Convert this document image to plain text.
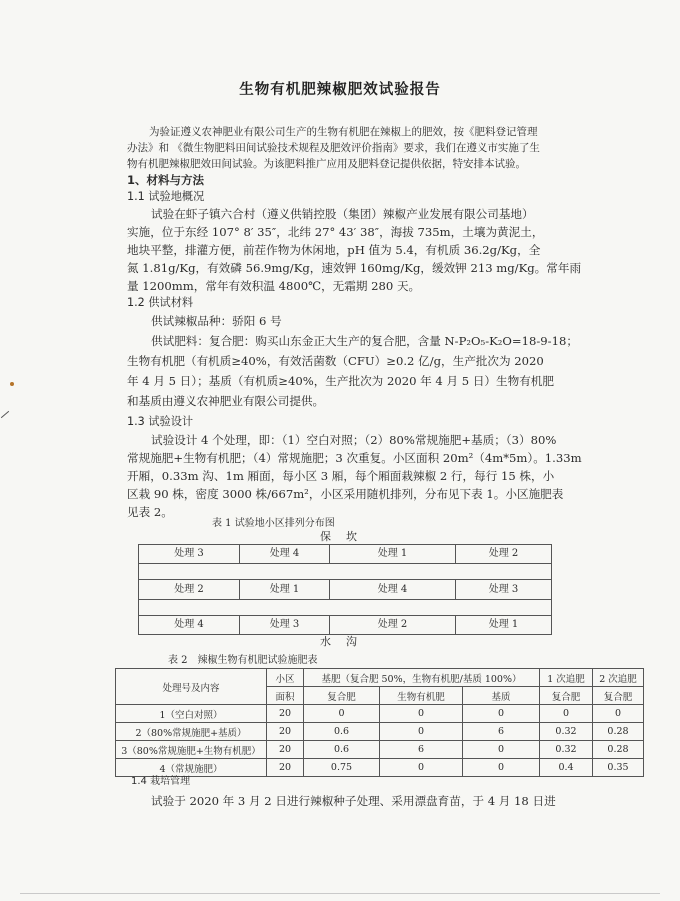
生物有机肥辣椒肥效试验报告
为验证遵义农神肥业有限公司生产的生物有机肥在辣椒上的肥效，按《肥料登记管理
办法》和 《微生物肥料田间试验技术规程及肥效评价指南》要求，我们在遵义市实施了生
物有机肥辣椒肥效田间试验。为该肥料推广应用及肥料登记提供依据，特安排本试验。
1、材料与方法
1.1 试验地概况
试验在虾子镇六合村（遵义供销控股（集团）辣椒产业发展有限公司基地）
实施，位于东经 107° 8′ 35″，北纬 27° 43′ 38″，海拔 735m，土壤为黄泥土，
地块平整，排灌方便，前茬作物为休闲地，pH 值为 5.4，有机质 36.2g/Kg，全
氮 1.81g/Kg，有效磷 56.9mg/Kg，速效钾 160mg/Kg，缓效钾 213 mg/Kg。常年雨
量 1200mm，常年有效积温 4800℃，无霜期 280 天。
1.2 供试材料
供试辣椒品种：骄阳 6 号
供试肥料：复合肥：购买山东金正大生产的复合肥，含量 N-P₂O₅-K₂O=18-9-18；
生物有机肥（有机质≥40%，有效活菌数（CFU）≥0.2 亿/g，生产批次为 2020
年 4 月 5 日）；基质（有机质≥40%，生产批次为 2020 年 4 月 5 日）生物有机肥
和基质由遵义农神肥业有限公司提供。
1.3 试验设计
试验设计 4 个处理，即：（1）空白对照；（2）80%常规施肥+基质；（3）80%
常规施肥+生物有机肥；（4）常规施肥；3 次重复。小区面积 20m²（4m*5m）。1.33m
开厢，0.33m 沟、1m 厢面，每小区 3 厢，每个厢面栽辣椒 2 行，每行 15 株，小
区栽 90 株，密度 3000 株/667m²，小区采用随机排列，分布见下表 1。小区施肥表
见表 2。
表 1 试验地小区排列分布图
保　坎
处理 3	处理 4	处理 1	处理 2
处理 2	处理 1	处理 4	处理 3
处理 4	处理 3	处理 2	处理 1
水　沟
表 2　辣椒生物有机肥试验施肥表
处理号及内容	小区	基肥（复合肥 50%，生物有机肥/基质 100%）			1 次追肥	2 次追肥
	面积	复合肥	生物有机肥	基质	复合肥	复合肥
1（空白对照）	20	0	0	0	0	0
2（80%常规施肥+基质）	20	0.6	0	6	0.32	0.28
3（80%常规施肥+生物有机肥）	20	0.6	6	0	0.32	0.28
4（常规施肥）	20	0.75	0	0	0.4	0.35
1.4 栽培管理
试验于 2020 年 3 月 2 日进行辣椒种子处理、采用漂盘育苗，于 4 月 18 日进
